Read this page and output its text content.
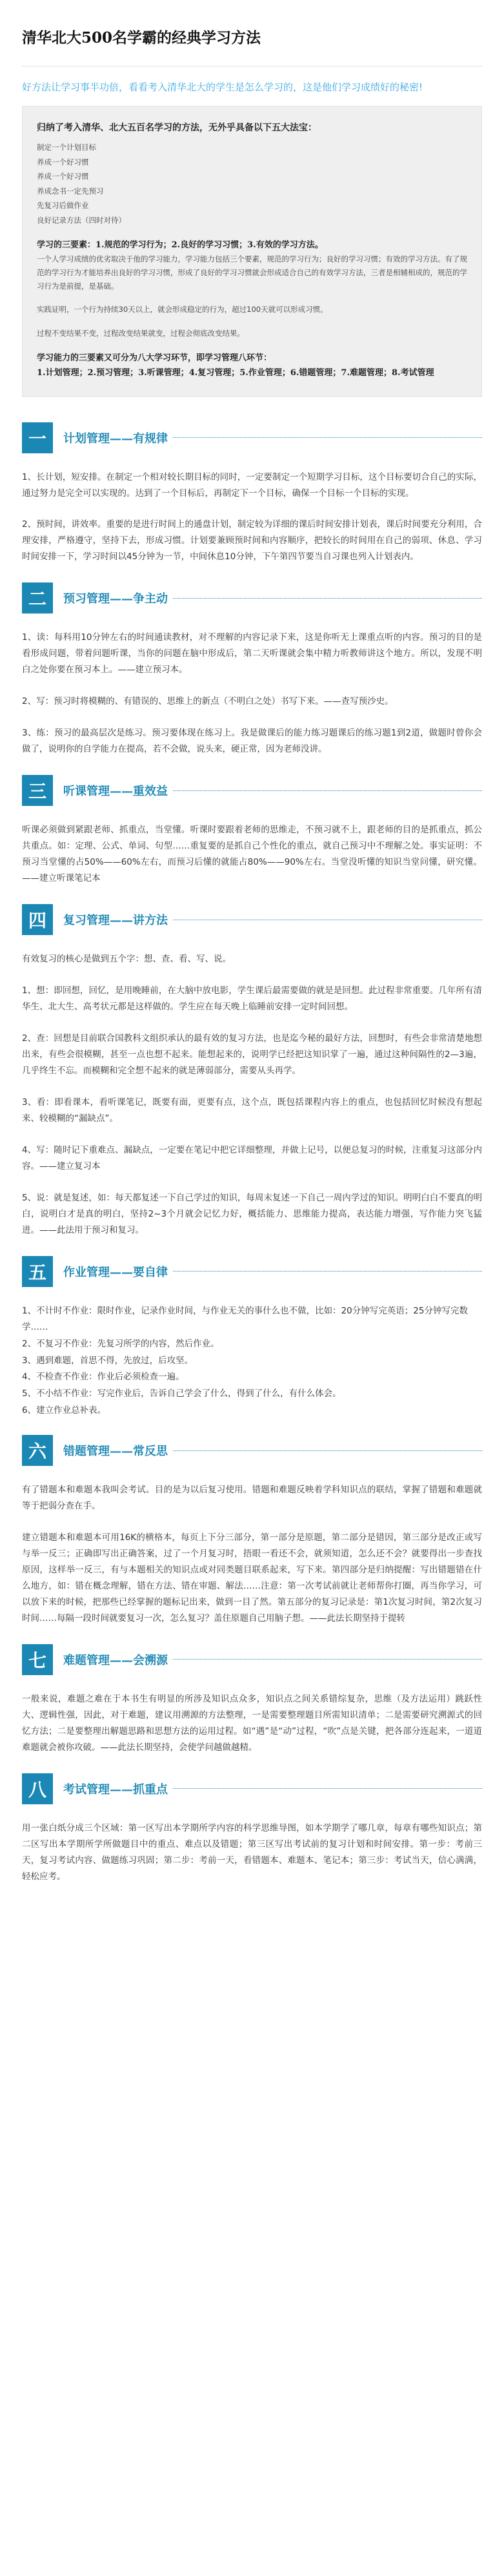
清华北大500名学霸的经典学习方法

好方法让学习事半功倍，看看考入清华北大的学生是怎么学习的，这是他们学习成绩好的秘密!

归纳了考入清华、北大五百名学习的方法，无外乎具备以下五大法宝：
制定一个计划目标
养成一个好习惯
养成一个好习惯
养成念书一定先预习
先复习后做作业
良好记录方法（四时对待）

学习的三要素：1.规范的学习行为；2.良好的学习习惯；3.有效的学习方法。
一个人学习成绩的优劣取决于他的学习能力，学习能力包括三个要素，规范的学习行为；良好的学习习惯；有效的学习方法。有了规范的学习行为才能培养出良好的学习习惯，形成了良好的学习习惯就会形成适合自己的有效学习方法，三者是相辅相成的，规范的学习行为是前提，是基础。

实践证明，一个行为持续30天以上，就会形成稳定的行为，超过100天就可以形成习惯。

过程不变结果不变，过程改变结果就变，过程会彻底改变结果。

学习能力的三要素又可分为八大学习环节，即学习管理八环节：
1.计划管理；2.预习管理；3.听课管理；4.复习管理；5.作业管理；6.错题管理；7.难题管理；8.考试管理

一	计划管理——有规律

1、长计划，短安排。在制定一个相对较长期目标的同时，一定要制定一个短期学习目标，这个目标要切合自己的实际，通过努力是完全可以实现的。达到了一个目标后，再制定下一个目标，确保一个目标一个目标的实现。

2、预时间，讲效率。重要的是进行时间上的通盘计划，制定较为详细的课后时间安排计划表，课后时间要充分利用，合理安排，严格遵守，坚持下去，形成习惯。计划要兼顾预时间和内容顺序，把较长的时间用在自己的弱项、休息、学习时间安排一下，学习时间以45分钟为一节，中间休息10分钟，下午第四节要当自习课也列入计划表内。

二	预习管理——争主动

1、读：每科用10分钟左右的时间通读教材，对不理解的内容记录下来，这是你听无上课重点听的内容。预习的目的是看形成问题，带着问题听课，当你的问题在脑中形成后，第二天听课就会集中精力听教师讲这个地方。所以，发现不明白之处你要在预习本上。——建立预习本。

2、写：预习时将模糊的、有错误的、思维上的新点（不明白之处）书写下来。——查写预沙史。

3、练：预习的最高层次是练习。预习要体现在练习上。我是做课后的能力练习题课后的练习题1到2道，做题时曾你会做了，说明你的自学能力在提高，若不会做，说头来，硬正常，因为老师没讲。

三	听课管理——重效益

听课必须做到紧跟老师、抓重点，当堂懂。听课时要跟着老师的思维走，不预习就不上，跟老师的目的是抓重点，抓公共重点。如：定理、公式、单词、句型……重复要的是抓自己个性化的重点，就自己预习中不理解之处。事实证明：不预习当堂懂的占50%——60%左右，而预习后懂的就能占80%——90%左右。当堂没听懂的知识当堂问懂，研究懂。——建立听课笔记本

四	复习管理——讲方法

有效复习的核心是做到五个字：想、查、看、写、说。

1、想：即回想，回忆，是用晚睡前，在大脑中放电影，学生课后最需要做的就是是回想。此过程非常重要。几年所有清华生、北大生、高考状元都是这样做的。学生应在每天晚上临睡前安排一定时间回想。

2、查：回想是目前联合国教科文组织承认的最有效的复习方法，也是迄今秘的最好方法，回想时，有些会非常清楚地想出来，有些会很模糊，甚至一点也想不起来。能想起来的，说明学已经把这知识掌了一遍，通过这种间隔性的2—3遍，几乎终生不忘。而模糊和完全想不起来的就是薄弱部分，需要从头再学。

3、看：即看课本，看听课笔记，既要有面，更要有点，这个点，既包括课程内容上的重点，也包括回忆时候没有想起来、较模糊的“漏缺点”。

4、写：随时记下重难点、漏缺点，一定要在笔记中把它详细整理，并做上记号，以便总复习的时候，注重复习这部分内容。——建立复习本

5、说：就是复述，如：每天都复述一下自己学过的知识，每周末复述一下自己一周内学过的知识。明明白白不要真的明白，说明白才是真的明白，坚持2~3个月就会记忆力好，概括能力、思维能力提高，表达能力增强，写作能力突飞猛进。——此法用于预习和复习。

五	作业管理——要自律
1、不计时不作业：限时作业，记录作业时间，与作业无关的事什么也不做，比如：20分钟写完英语；25分钟写完数学……
2、不复习不作业：先复习所学的内容，然后作业。
3、遇到难题，首思不得，先放过，后攻坚。
4、不检查不作业：作业后必须检查一遍。
5、不小结不作业：写完作业后，告诉自己学会了什么，得到了什么，有什么体会。
6、建立作业总补表。
六	错题管理——常反思

有了错题本和难题本我叫会考试。目的是为以后复习使用。错题和难题反映着学科知识点的联结，掌握了错题和难题就等于把弱分查在手。

建立错题本和难题本可用16K的横格本，每页上下分三部分，第一部分是原题，第二部分是错因，第三部分是改正或写与举一反三；正确即写出正确答案，过了一个月复习时，捂眼一看还不会，就须知道，怎么还不会？就要得出一步查找原因，这样举一反三，有与本题相关的知识点或对同类题目联系起来，写下来。第四部分是归纳提醒：写出错题错在什么地方，如：错在概念理解，错在方法、错在审题、解法……注意：第一次考试前就让老师帮你打圈，再当你学习，可以放下来的时候，把那些已经掌握的题标记出来，做到一目了然。第五部分的复习记录是：第1次复习时间，第2次复习时间……每隔一段时间就要复习一次，怎么复习？盖住原题自己用脑子想。——此法长期坚持于提转

七	难题管理——会溯源

一般来说，难题之难在于本书生有明显的所涉及知识点众多，知识点之间关系错综复杂，思维（及方法运用）跳跃性大、逻辑性强，因此，对于难题，建议用溯源的方法整理，一是需要整理题目所需知识清单；二是需要研究溯源式的回忆方法；二是要整理出解题思路和思想方法的运用过程。如“遇”是“动”过程，“吹”点是关键，把各部分连起来，一道道难题就会被你攻破。——此法长期坚持，会使学问越做越精。

八	考试管理——抓重点

用一张白纸分成三个区域：第一区写出本学期所学内容的科学思维导图，如本学期学了哪几章，每章有哪些知识点；第二区写出本学期所学所做题目中的重点、难点以及错题；第三区写出考试前的复习计划和时间安排。第一步：考前三天，复习考试内容、做题练习巩固；第二步：考前一天，看错题本、难题本、笔记本；第三步：考试当天，信心满满，轻松应考。
